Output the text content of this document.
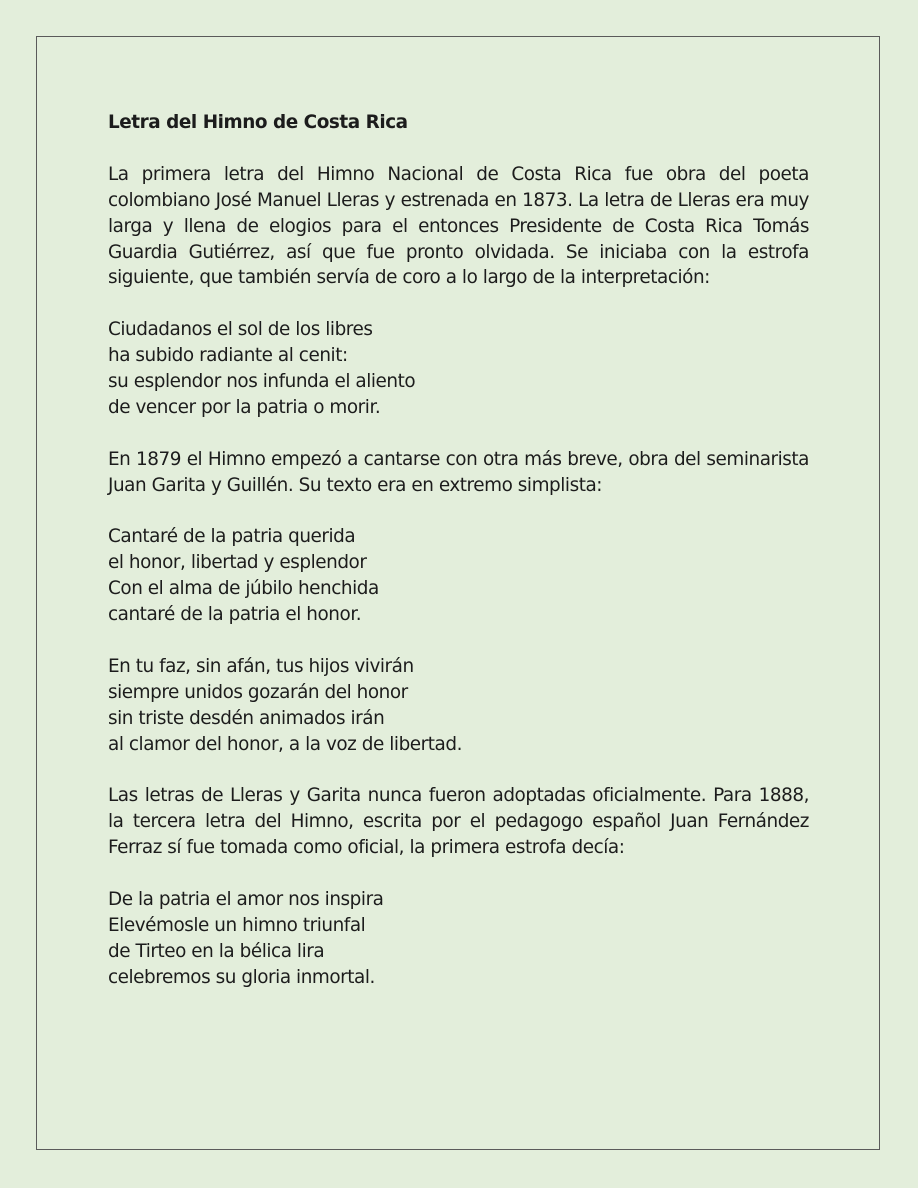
Letra del Himno de Costa Rica

La primera letra del Himno Nacional de Costa Rica fue obra del poeta colombiano José Manuel Lleras y estrenada en 1873. La letra de Lleras era muy larga y llena de elogios para el entonces Presidente de Costa Rica Tomás Guardia Gutiérrez, así que fue pronto olvidada. Se iniciaba con la estrofa siguiente, que también servía de coro a lo largo de la interpretación:

Ciudadanos el sol de los libres
ha subido radiante al cenit:
su esplendor nos infunda el aliento
de vencer por la patria o morir.

En 1879 el Himno empezó a cantarse con otra más breve, obra del seminarista Juan Garita y Guillén. Su texto era en extremo simplista:

Cantaré de la patria querida
el honor, libertad y esplendor
Con el alma de júbilo henchida
cantaré de la patria el honor.
En tu faz, sin afán, tus hijos vivirán
siempre unidos gozarán del honor
sin triste desdén animados irán
al clamor del honor, a la voz de libertad.

Las letras de Lleras y Garita nunca fueron adoptadas oficialmente. Para 1888, la tercera letra del Himno, escrita por el pedagogo español Juan Fernández Ferraz sí fue tomada como oficial, la primera estrofa decía:

De la patria el amor nos inspira
Elevémosle un himno triunfal
de Tirteo en la bélica lira
celebremos su gloria inmortal.
